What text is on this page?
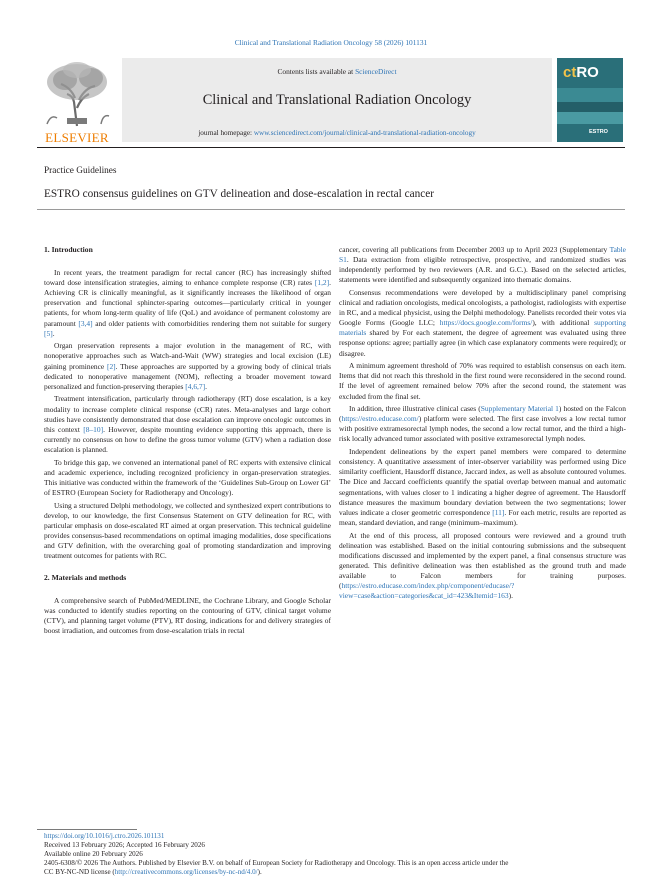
Clinical and Translational Radiation Oncology 58 (2026) 101131
ELSEVIER
Contents lists available at ScienceDirect
Clinical and Translational Radiation Oncology
journal homepage: www.sciencedirect.com/journal/clinical-and-translational-radiation-oncology
ctRO
ESTRO
Practice Guidelines
ESTRO consensus guidelines on GTV delineation and dose-escalation in rectal cancer
1. Introduction

In recent years, the treatment paradigm for rectal cancer (RC) has increasingly shifted toward dose intensification strategies, aiming to enhance complete response (CR) rates [1,2]. Achieving CR is clinically meaningful, as it significantly increases the likelihood of organ preservation and functional sphincter-sparing outcomes—particularly critical in younger patients, for whom long-term quality of life (QoL) and avoidance of permanent colostomy are paramount [3,4] and older patients with comorbidities rendering them not suitable for surgery [5].

Organ preservation represents a major evolution in the management of RC, with nonoperative approaches such as Watch-and-Wait (WW) strategies and local excision (LE) gaining prominence [2]. These approaches are supported by a growing body of clinical trials dedicated to nonoperative management (NOM), reflecting a broader movement toward personalized and function-preserving therapies [4,6,7].

Treatment intensification, particularly through radiotherapy (RT) dose escalation, is a key modality to increase complete clinical response (cCR) rates. Meta-analyses and large cohort studies have consistently demonstrated that dose escalation can improve oncologic outcomes in this context [8–10]. However, despite mounting evidence supporting this approach, there is currently no consensus on how to define the gross tumor volume (GTV) when a radiation dose escalation is planned.

To bridge this gap, we convened an international panel of RC experts with extensive clinical and academic experience, including recognized proficiency in organ-preservation strategies. This initiative was conducted within the framework of the ‘Guidelines Sub-Group on Lower GI’ of ESTRO (European Society for Radiotherapy and Oncology).

Using a structured Delphi methodology, we collected and synthesized expert contributions to develop, to our knowledge, the first Consensus Statement on GTV delineation for RC, with particular emphasis on dose-escalated RT aimed at organ preservation. This technical guideline provides consensus-based recommendations on optimal imaging modalities, dose specifications and GTV definition, with the overarching goal of promoting standardization and improving treatment outcomes for patients with RC.

2. Materials and methods

A comprehensive search of PubMed/MEDLINE, the Cochrane Library, and Google Scholar was conducted to identify studies reporting on the contouring of GTV, clinical target volume (CTV), and planning target volume (PTV), RT dosing, indications for and delivery strategies of boost irradiation, and outcomes from dose-escalation trials in rectal

cancer, covering all publications from December 2003 up to April 2023 (Supplementary Table S1. Data extraction from eligible retrospective, prospective, and randomized studies was independently performed by two reviewers (A.R. and G.C.). Based on the selected articles, statements were identified and subsequently organized into thematic domains.

Consensus recommendations were developed by a multidisciplinary panel comprising clinical and radiation oncologists, medical oncologists, a pathologist, radiologists with expertise in RC, and a medical physicist, using the Delphi methodology. Panelists recorded their votes via Google Forms (Google LLC; https://docs.google.com/forms/), with additional supporting materials shared by For each statement, the degree of agreement was evaluated using three response options: agree; partially agree (in which case explanatory comments were required); or disagree.

A minimum agreement threshold of 70% was required to establish consensus on each item. Items that did not reach this threshold in the first round were reconsidered in the second round. If the level of agreement remained below 70% after the second round, the statement was excluded from the final set.

In addition, three illustrative clinical cases (Supplementary Material 1) hosted on the Falcon (https://estro.educase.com/) platform were selected. The first case involves a low rectal tumor with positive extramesorectal lymph nodes, the second a low rectal tumor, and the third a high-risk locally advanced tumor associated with positive extramesorectal lymph nodes.

Independent delineations by the expert panel members were compared to determine consistency. A quantitative assessment of inter-observer variability was performed using Dice similarity coefficient, Hausdorff distance, Jaccard index, as well as absolute contoured volumes. The Dice and Jaccard coefficients quantify the spatial overlap between manual and automatic segmentations, with values closer to 1 indicating a higher degree of agreement. The Hausdorff distance measures the maximum boundary deviation between the two segmentations; lower values indicate a closer geometric correspondence [11]. For each metric, results are reported as mean, standard deviation, and range (minimum–maximum).

At the end of this process, all proposed contours were reviewed and a ground truth delineation was established. Based on the initial contouring submissions and the subsequent modifications discussed and implemented by the expert panel, a final consensus structure was generated. This definitive delineation was then established as the ground truth and made available to Falcon members for training purposes. (https://estro.educase.com/index.php/component/educase/?view=case&action=categories&cat_id=423&Itemid=163).

https://doi.org/10.1016/j.ctro.2026.101131
Received 13 February 2026; Accepted 16 February 2026
Available online 20 February 2026
2405-6308/© 2026 The Authors. Published by Elsevier B.V. on behalf of European Society for Radiotherapy and Oncology. This is an open access article under the
CC BY-NC-ND license (http://creativecommons.org/licenses/by-nc-nd/4.0/).
